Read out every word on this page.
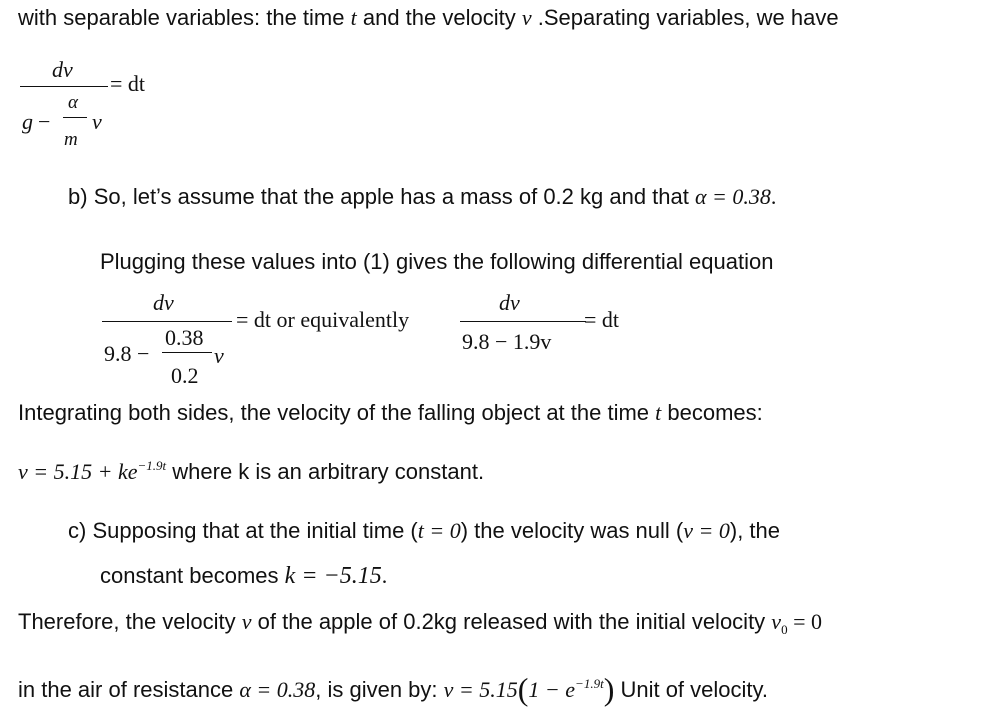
with separable variables: the time t and the velocity v .Separating variables, we have
dv
= dt
g −
α
m
v
b) So, let’s assume that the apple has a mass of 0.2 kg and that α = 0.38.
Plugging these values into (1) gives the following differential equation
dv
9.8 −
0.38
0.2
v
= dt or equivalently
dv
9.8 − 1.9v
= dt
Integrating both sides, the velocity of the falling object at the time t becomes:
$v = 5.15 + ke^{-1.9t}$ where k is an arbitrary constant.
c) Supposing that at the initial time (t = 0) the velocity was null (v = 0), the
constant becomes k = −5.15.
Therefore, the velocity v of the apple of 0.2kg released with the initial velocity $v_0 = 0$
in the air of resistance α = 0.38, is given by: $v = 5.15(1 - e^{-1.9t})$ Unit of velocity.
